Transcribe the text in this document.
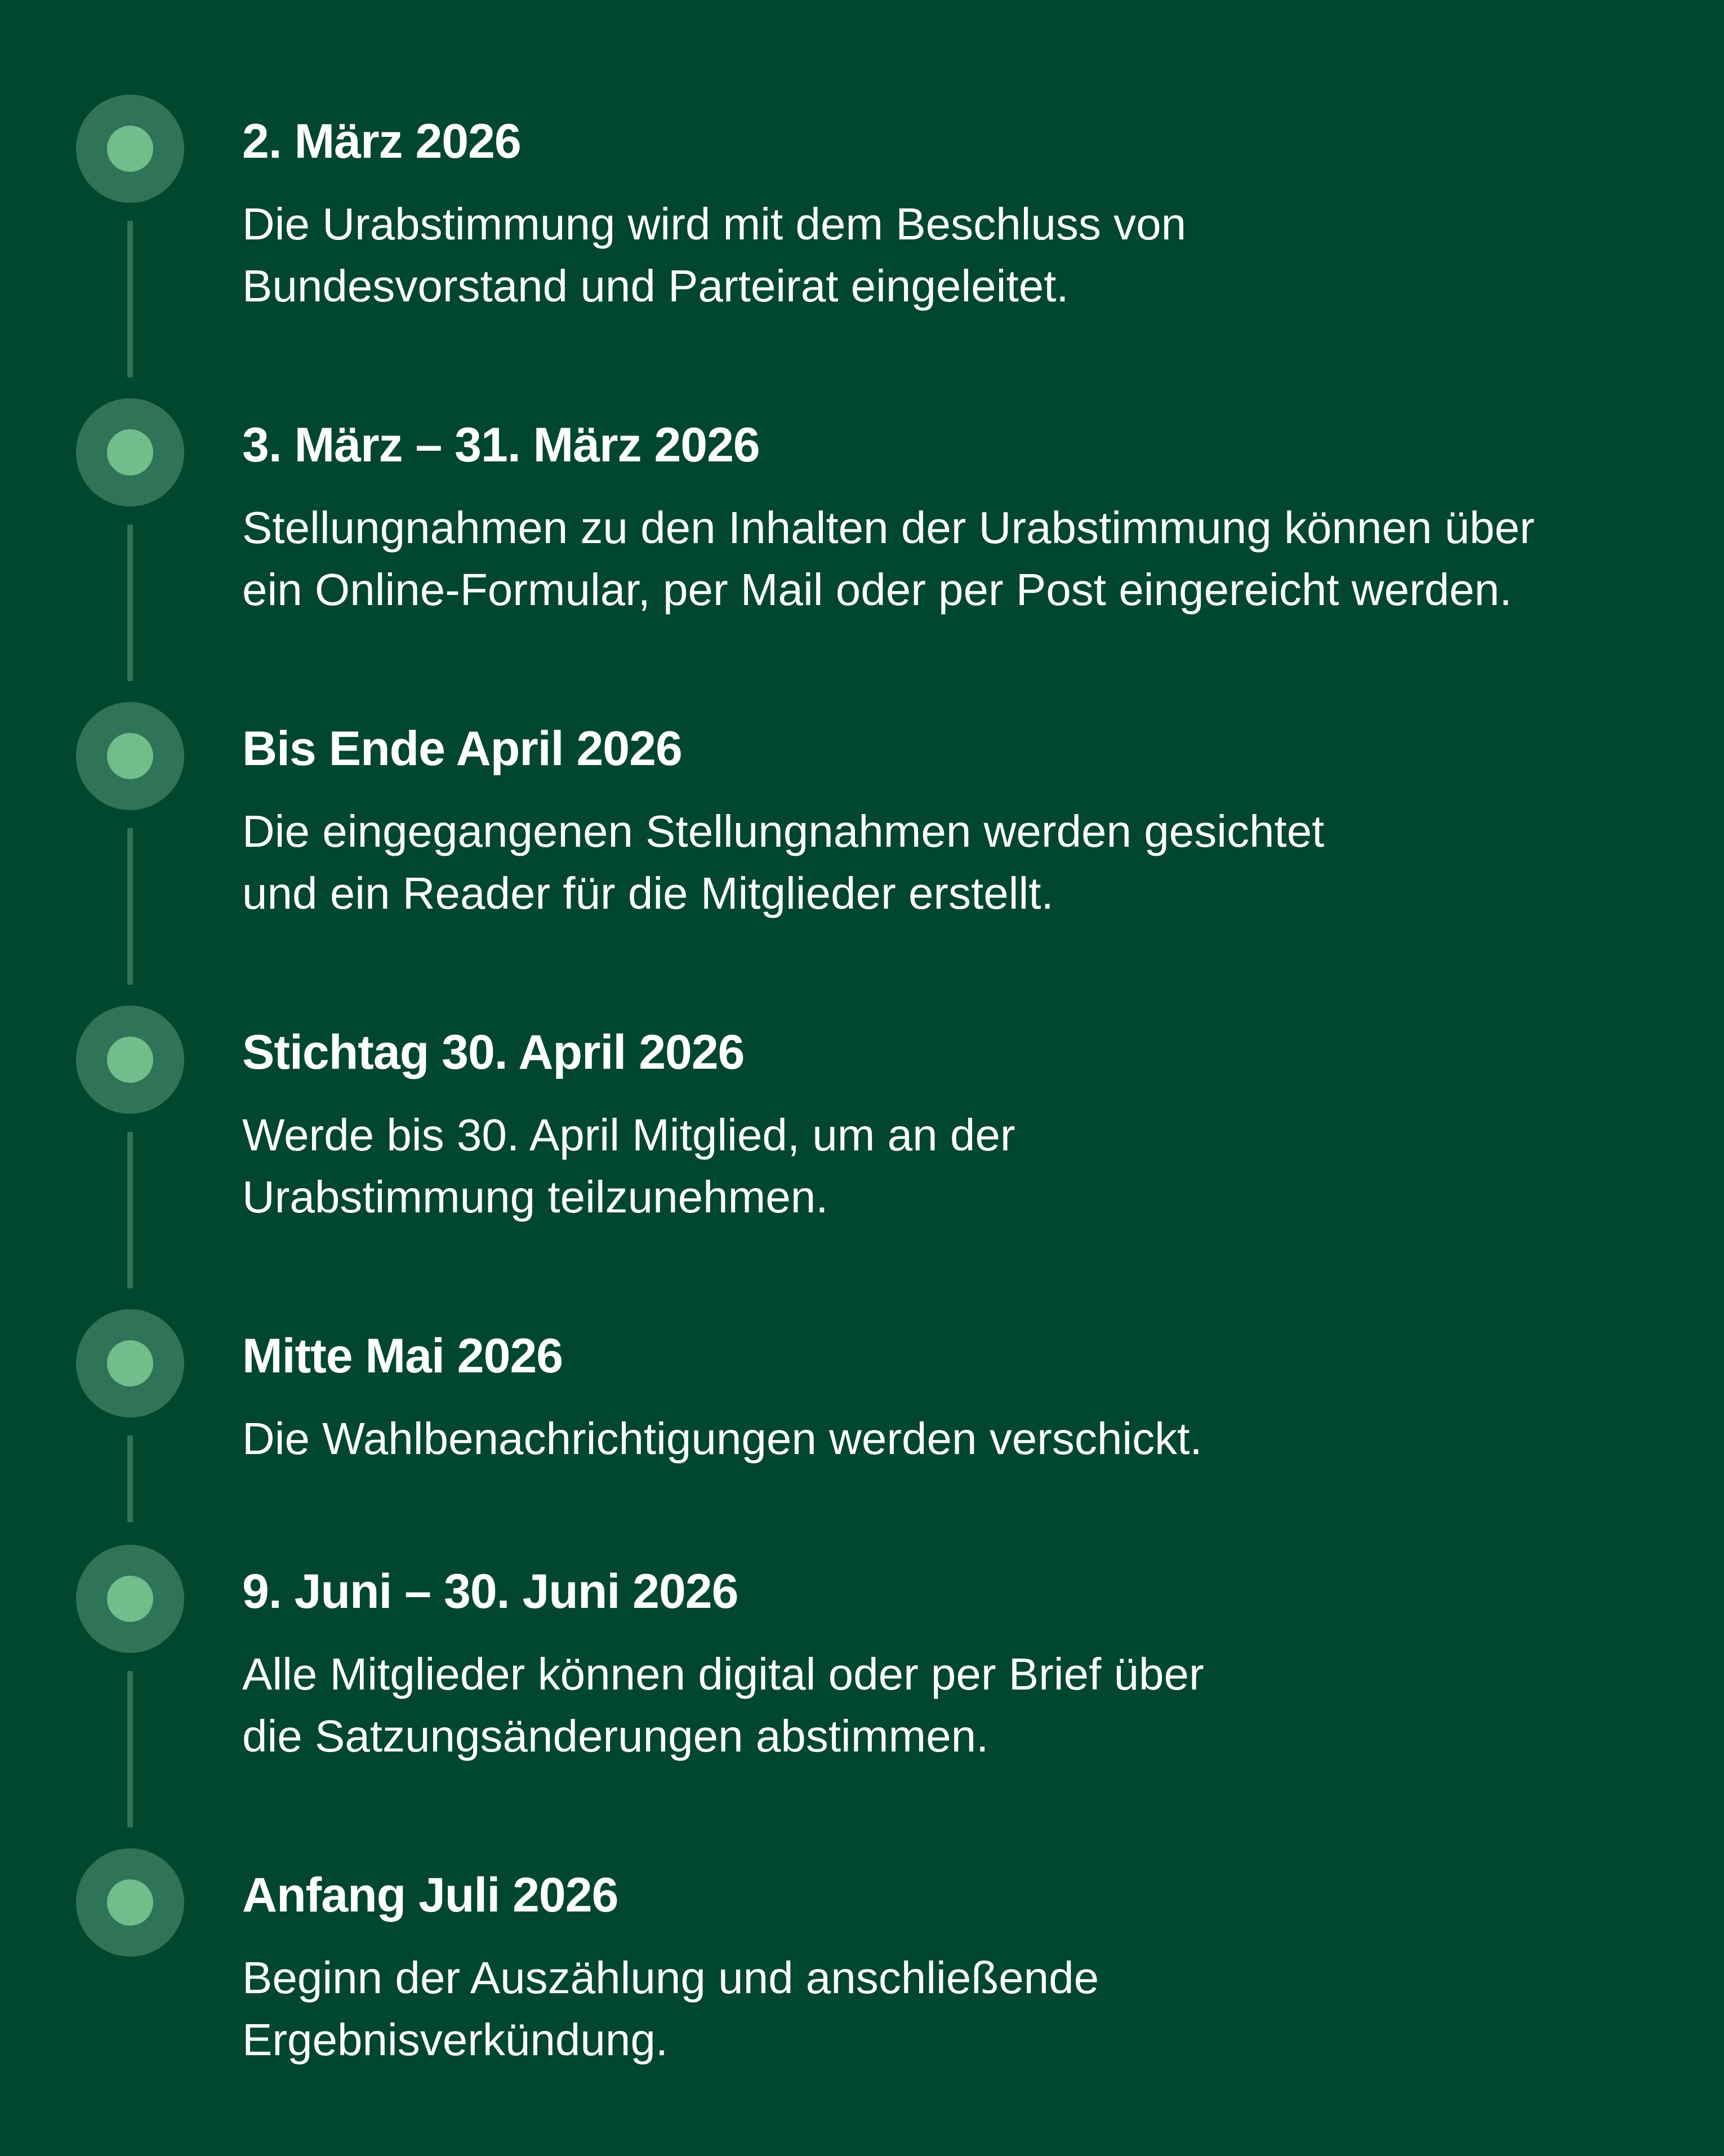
2. März 2026

Die Urabstimmung wird mit dem Beschluss von
Bundesvorstand und Parteirat eingeleitet.

3. März – 31. März 2026

Stellungnahmen zu den Inhalten der Urabstimmung können über
ein Online-Formular, per Mail oder per Post eingereicht werden.

Bis Ende April 2026

Die eingegangenen Stellungnahmen werden gesichtet
und ein Reader für die Mitglieder erstellt.

Stichtag 30. April 2026

Werde bis 30. April Mitglied, um an der
Urabstimmung teilzunehmen.

Mitte Mai 2026

Die Wahlbenachrichtigungen werden verschickt.

9. Juni – 30. Juni 2026

Alle Mitglieder können digital oder per Brief über
die Satzungsänderungen abstimmen.

Anfang Juli 2026

Beginn der Auszählung und anschließende
Ergebnisverkündung.
